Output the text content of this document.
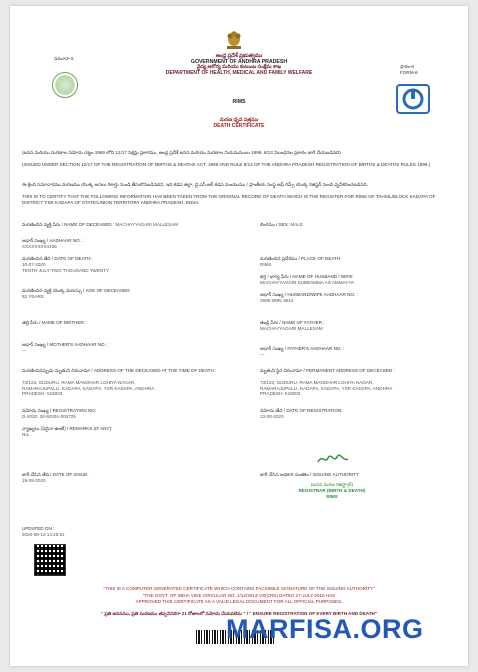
నమూనా 5
ఫారం-6
FORM-6
ఆంధ్ర ప్రదేశ్ ప్రభుత్వము
GOVERNMENT OF ANDHRA PRADESH
వైద్య,ఆరోగ్య మరియు కుటుంబ సంక్షేమ శాఖ
DEPARTMENT OF HEALTH, MEDICAL AND FAMILY WELFARE
RIMS
మరణ ధృవ పత్రము
DEATH CERTIFICATE
(జనన మరియు మరణాల నమోదు చట్టం 1969 లోని 12/17 సెక్షన్లు ప్రకారము, ఆంధ్ర ప్రదేశ్ జనన మరియు మరణాల నియమములు 1999, 8/13 నిబంధనల ప్రకారం జారీ చేయబడినది)
(ISSUED UNDER SECTION 12/17 OF THE REGISTRATION OF BIRTHS & DEATHS ACT, 1969 AND RULE 8/13 OF THE ANDHRA PRADESH REGISTRATION OF BIRTHS & DEATHS RULES 1999.)
ఈ క్రింది సమాచారము మరణము యొక్క అసలు రికార్డు నుండి తీసుకొనబడినదని, ఇది కడప జిల్లా, వై.ఎస్.ఆర్ కడప మండలము / ప్రాంతీయ సంస్థ ఆఫ్ రిమ్స్ యొక్క రిజిష్టర్ నుండి ధృవీకరించబడినది.
THIS IS TO CERTIFY THAT THE FOLLOWING INFORMATION HAS BEEN TAKEN FROM THE ORIGINAL RECORD OF DEATH WHICH IS THE REGISTER FOR RIMS OF TAHSIL/BLOCK KADAPA OF DISTRICT YSR KADAPA OF STATE/UNION TERRITORY ANDHRA PRADESH, INDIA.
మరణించిన వ్యక్తి పేరు / NAME OF DECEASED : MACHAYYAGARI MALLESAM	లింగము / SEX: MALE
ఆధార్ సంఖ్య / AADHAAR NO. :
XXXXXXXX4106
మరణించిన తేది / DATE OF DEATH:
10-07-2020
TENTH-JULY-TWO THOUSAND TWENTY
మరణించిన ప్రదేశము / PLACE OF DEATH:
RIMS
భర్త / భార్య పేరు / NAME OF HUSBAND / WIFE:
MACHAYYAGARI SUBBAMMA AS AMMAYYA
మరణించిన వ్యక్తి యొక్క వయస్సు / AGE OF DECEASED:
52 YEARS	ఆధార్ సంఖ్య / HUSBAND/WIFE AADHAAR NO. :
2595 5885 3844
తల్లి పేరు / NAME OF MOTHER:	తండ్రి పేరు / NAME OF FATHER :
MACHAYYAGARI MALLESAM
ఆధార్ సంఖ్య / MOTHER'S AADHAAR NO. :
—	ఆధార్ సంఖ్య / FATHER'S AADHAAR NO. :
—
మరణించినప్పుడు మృతుని చిరునామా / ADDRESS OF THE DECEASED AT THE TIME OF DEATH :
73/123, GUDURU, RAMA MANOHAR LOHIYA NAGAR, RAMARAJUPALLI, KADAPA, KADAPA, YSR KADAPA, ANDHRA PRADESH- 516003
మృతుని స్థిర చిరునామా / PERMANENT ADDRESS OF DECEASED :
73/123, GUDURU, RAMA MANOHAR LOHIYA NAGAR, RAMARAJUPALLI, KADAPA, KADAPA, YSR KADAPA, ANDHRA PRADESH- 516003
నమోదు సంఖ్య / REGISTRATION NO:
D-2020: 28-90201-000725
నమోదు తేది / DATE OF REGISTRATION:
13-08-2020
వ్యాఖ్యలు (ఏదైనా ఉంటే) / REMARKS (IF ANY):
NIL
జారీ చేసిన తేది / DATE OF ISSUE:
19-08-2020
జారీ చేసిన అధికారి సంతకం / ISSUING AUTHORITY
(జనన మరణ రిజిస్ట్రార్)
REGISTRAR (BIRTH & DEATH)
RIMS
UPDATED ON :
2020-08-13 14:45:51
"THIS IS A COMPUTER GENERATED CERTIFICATE WHICH CONTAINS FACSIMILE SIGNATURE OF THE ISSUING AUTHORITY"
"THE GOVT. OF INDIA VIDE CIRCULAR NO. 1/12/2014-VS(CRS) DATED 27-JULY-2015 HAS
APPROVED THIS CERTIFICATE AS A VALID LEGAL DOCUMENT FOR ALL OFFICIAL PURPOSES.
" ప్రతి జననము, ప్రతి మరణము తప్పనిసరిగా 21 రోజులలో నమోదు చేయవలెను " / " ENSURE REGISTRATION OF EVERY BIRTH AND DEATH"
MARFISA.ORG
